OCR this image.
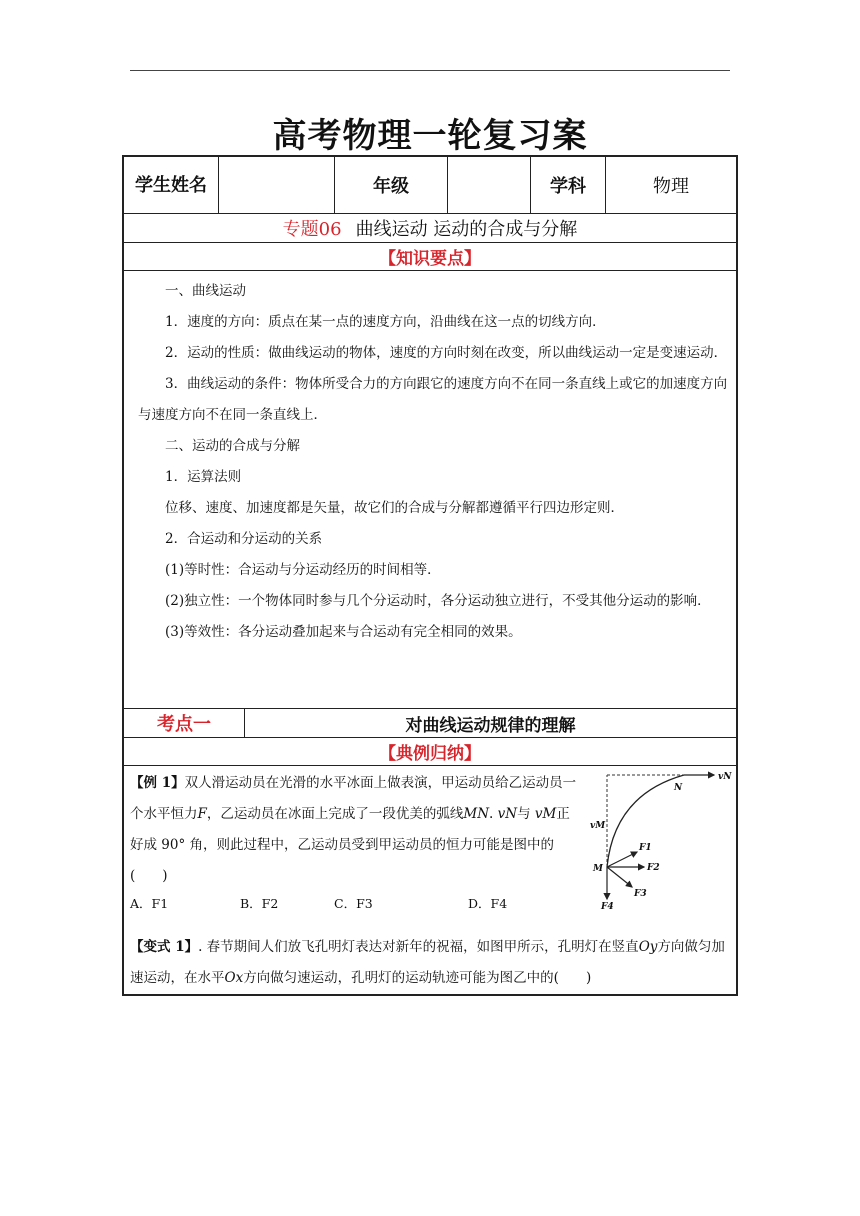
高考物理一轮复习案
学生姓名	年级	学科	物理
专题06 曲线运动 运动的合成与分解
【知识要点】

一、曲线运动

1．速度的方向：质点在某一点的速度方向，沿曲线在这一点的切线方向．

2．运动的性质：做曲线运动的物体，速度的方向时刻在改变，所以曲线运动一定是变速运动．

3．曲线运动的条件：物体所受合力的方向跟它的速度方向不在同一条直线上或它的加速度方向与速度方向不在同一条直线上．

二、运动的合成与分解

1．运算法则

位移、速度、加速度都是矢量，故它们的合成与分解都遵循平行四边形定则．

2．合运动和分运动的关系

(1)等时性：合运动与分运动经历的时间相等．

(2)独立性：一个物体同时参与几个分运动时，各分运动独立进行，不受其他分运动的影响．

(3)等效性：各分运动叠加起来与合运动有完全相同的效果。

考点一	对曲线运动规律的理解
【典例归纳】
【例 1】双人滑运动员在光滑的水平冰面上做表演，甲运动员给乙运动员一个水平恒力F，乙运动员在冰面上完成了一段优美的弧线MN. vN与 vM正好成 90° 角，则此过程中，乙运动员受到甲运动员的恒力可能是图中的(　　)
A．F1	B．F2	C．F3	D．F4
vN
N
vM
M
F1
F2
F3
F4
【变式 1】. 春节期间人们放飞孔明灯表达对新年的祝福，如图甲所示，孔明灯在竖直Oy方向做匀加速运动，在水平Ox方向做匀速运动，孔明灯的运动轨迹可能为图乙中的(　　)
